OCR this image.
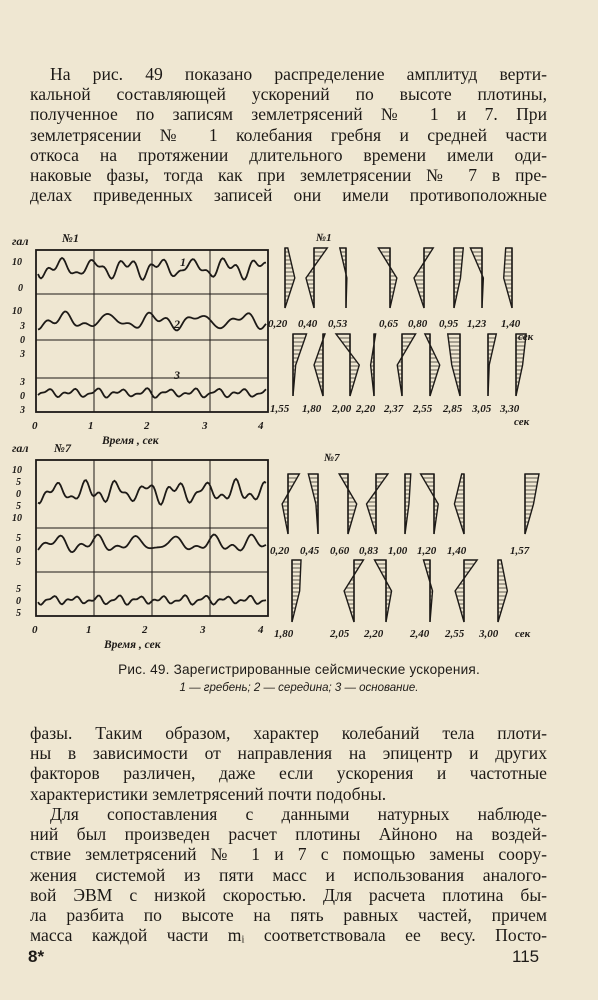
На рис. 49 показано распределение амплитуд верти-
кальной составляющей ускорений по высоте плотины,
полученное по записям землетрясений № 1 и 7. При
землетрясении № 1 колебания гребня и средней части
откоса на протяжении длительного времени имели оди-
наковые фазы, тогда как при землетрясении № 7 в пре-
делах приведенных записей они имели противоположные
гал	№1
1
2
3
10
0
10
3
0
3
3
0
3
0	1	2	3	4
Время , сек
гал №7
10
5
0
5
10
5
0
5
5
0
5
0	1	2	3	4
Время , сек
№1
0,20 0,40 0,53	0,65 0,80 0,95 1,23 1,40
сек
1,55 1,80 2,00 2,20 2,37 2,55 2,85 3,05 3,30
сек
№7
0,20 0,45 0,60 0,83 1,00 1,20 1,40	1,57
1,80	2,05 2,20 2,40 2,55 3,00 сек
Рис. 49. Зарегистрированные сейсмические ускорения.
1 — гребень; 2 — середина; 3 — основание.
фазы. Таким образом, характер колебаний тела плоти-
ны в зависимости от направления на эпицентр и других
факторов различен, даже если ускорения и частотные
характеристики землетрясений почти подобны.
Для сопоставления с данными натурных наблюде-
ний был произведен расчет плотины Айноно на воздей-
ствие землетрясений № 1 и 7 с помощью замены соору-
жения системой из пяти масс и использования аналого-
вой ЭВМ с низкой скоростью. Для расчета плотина бы-
ла разбита по высоте на пять равных частей, причем
масса каждой части mᵢ соответствовала ее весу. Посто-
8*	115
